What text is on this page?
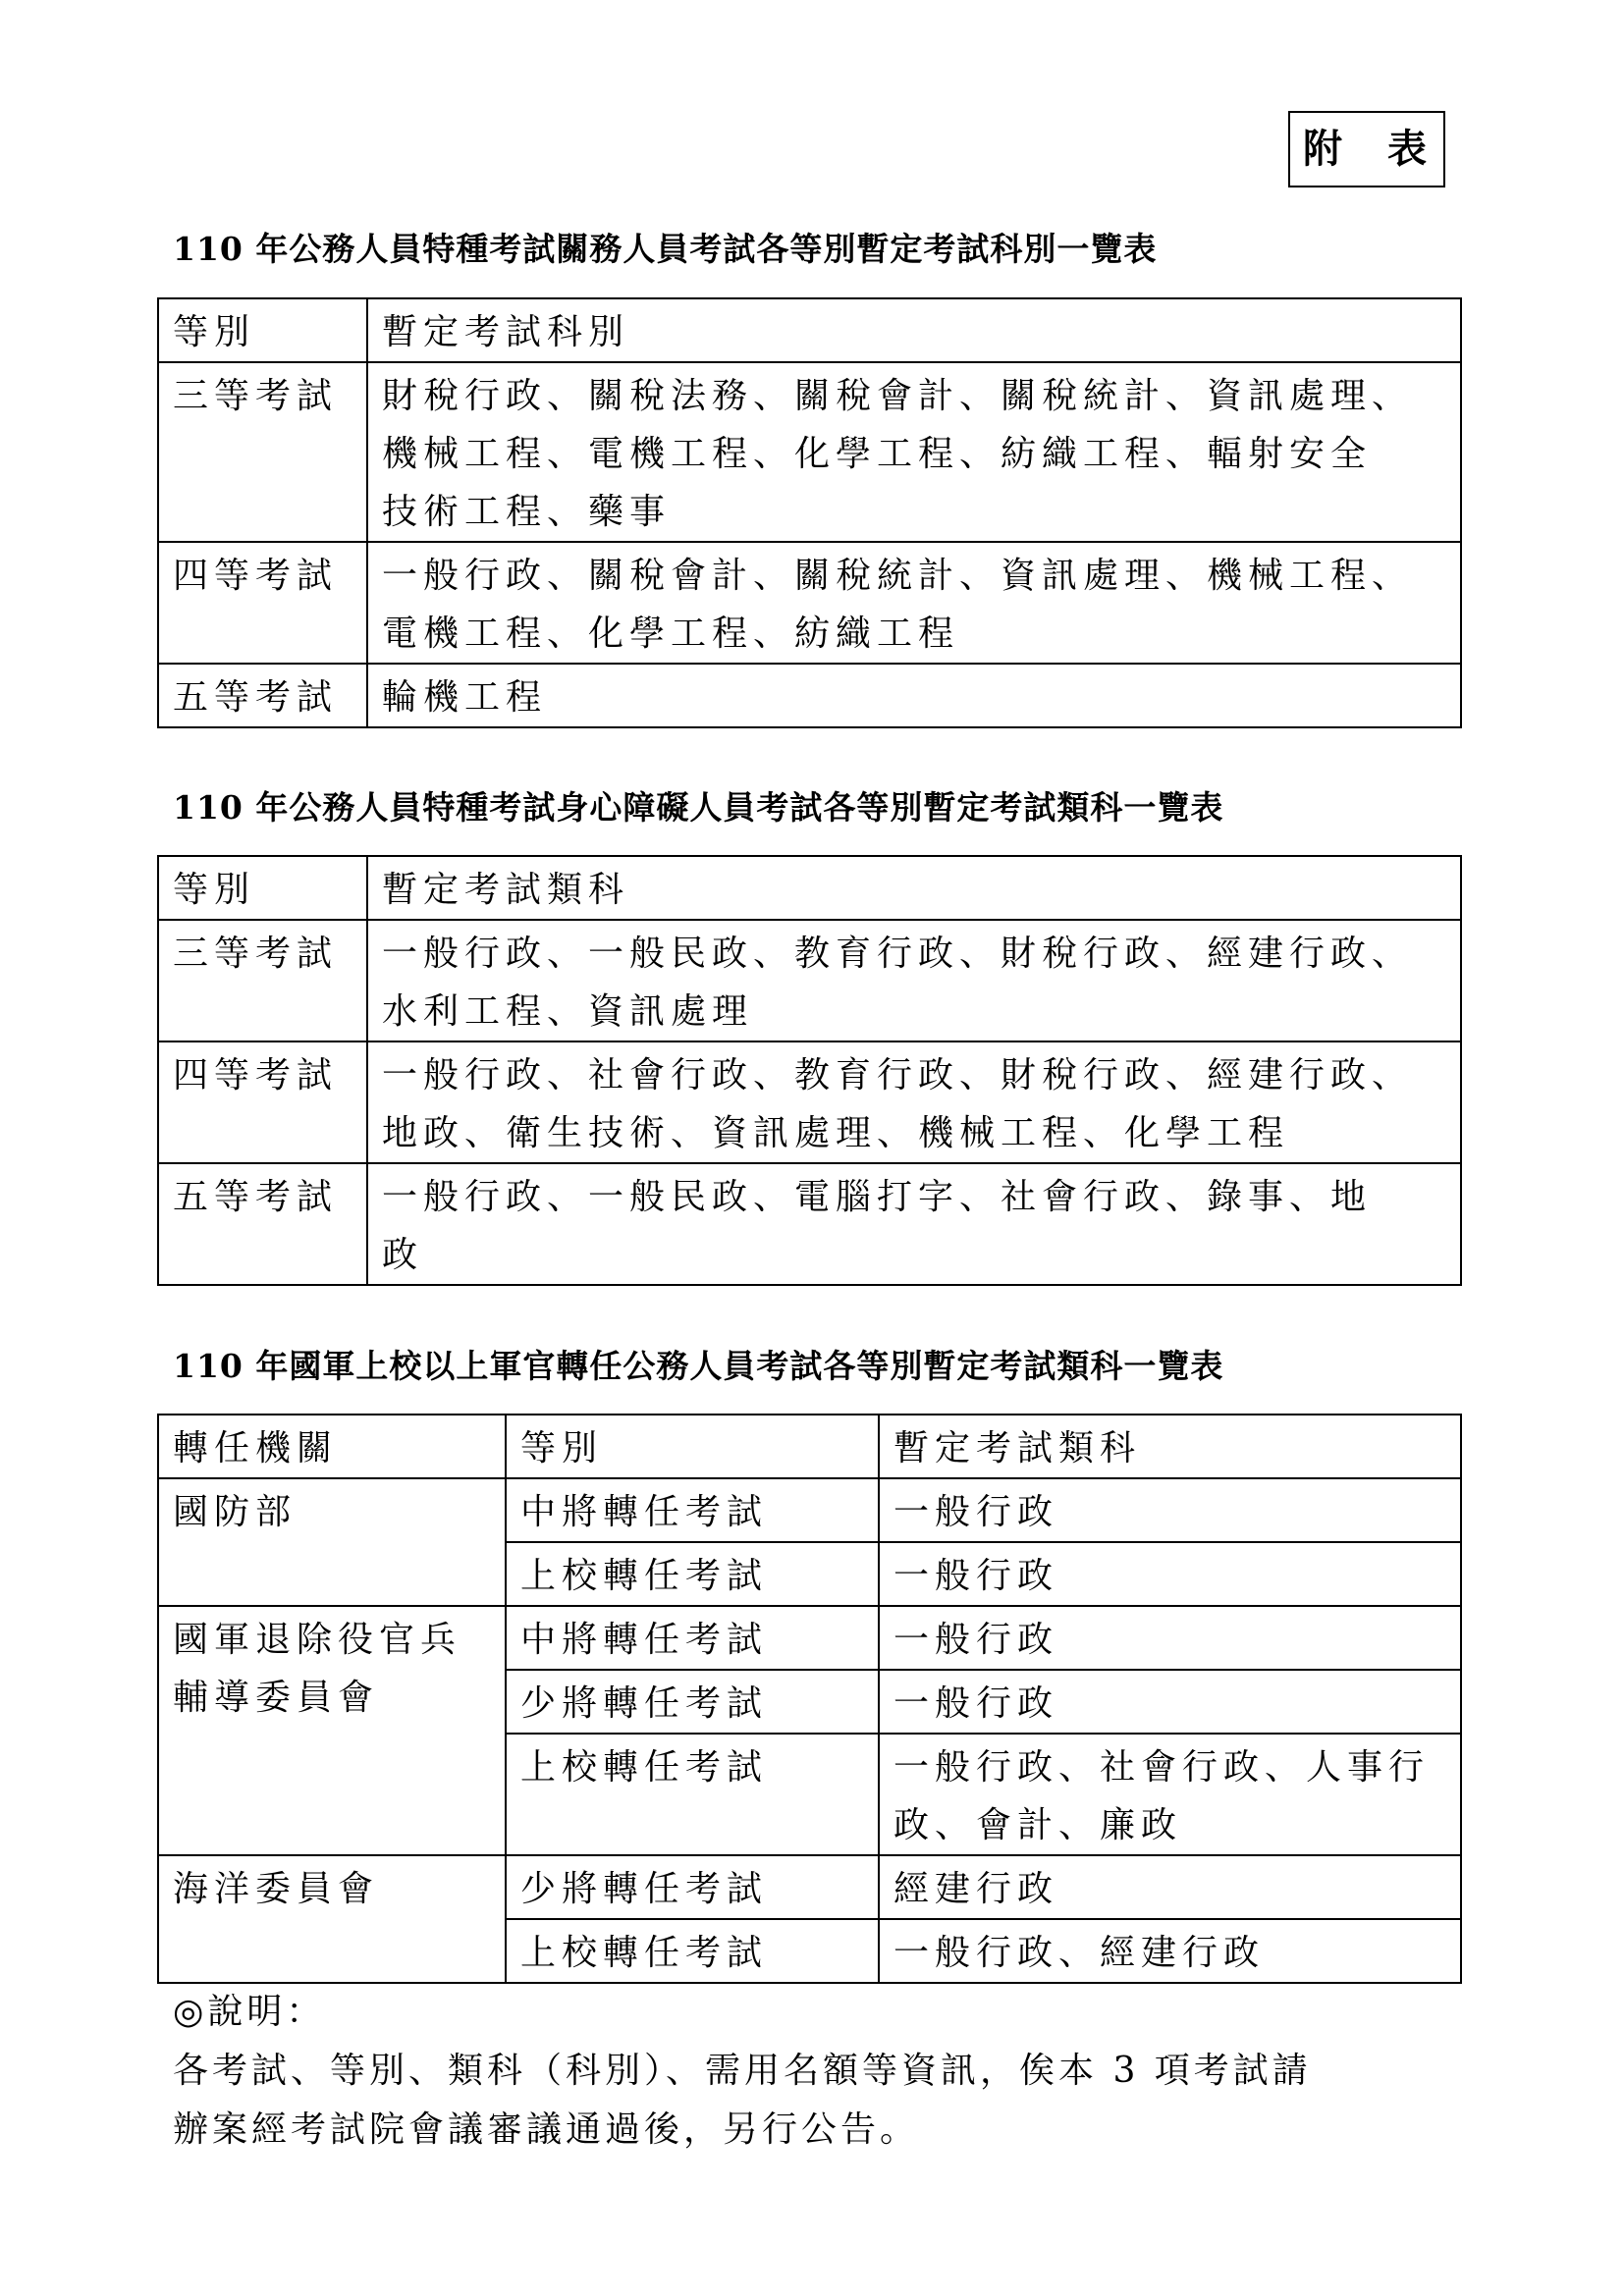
附 表
110 年公務人員特種考試關務人員考試各等別暫定考試科別一覽表
等別	暫定考試科別
三等考試	財稅行政、關稅法務、關稅會計、關稅統計、資訊處理、
機械工程、電機工程、化學工程、紡織工程、輻射安全
技術工程、藥事

四等考試	一般行政、關稅會計、關稅統計、資訊處理、機械工程、
電機工程、化學工程、紡織工程

五等考試	輪機工程
110 年公務人員特種考試身心障礙人員考試各等別暫定考試類科一覽表
等別	暫定考試類科
三等考試	一般行政、一般民政、教育行政、財稅行政、經建行政、
水利工程、資訊處理

四等考試	一般行政、社會行政、教育行政、財稅行政、經建行政、
地政、衛生技術、資訊處理、機械工程、化學工程

五等考試	一般行政、一般民政、電腦打字、社會行政、錄事、地
政
110 年國軍上校以上軍官轉任公務人員考試各等別暫定考試類科一覽表
轉任機關	等別	暫定考試類科

國防部	中將轉任考試	一般行政

	上校轉任考試	一般行政

國軍退除役官兵
輔導委員會	中將轉任考試	一般行政

	少將轉任考試	一般行政

	上校轉任考試	一般行政、社會行政、人事行
政、會計、廉政

海洋委員會	少將轉任考試	經建行政

	上校轉任考試	一般行政、經建行政

◎說明：

各考試、等別、類科（科別）、需用名額等資訊，俟本 3 項考試請

辦案經考試院會議審議通過後，另行公告。
